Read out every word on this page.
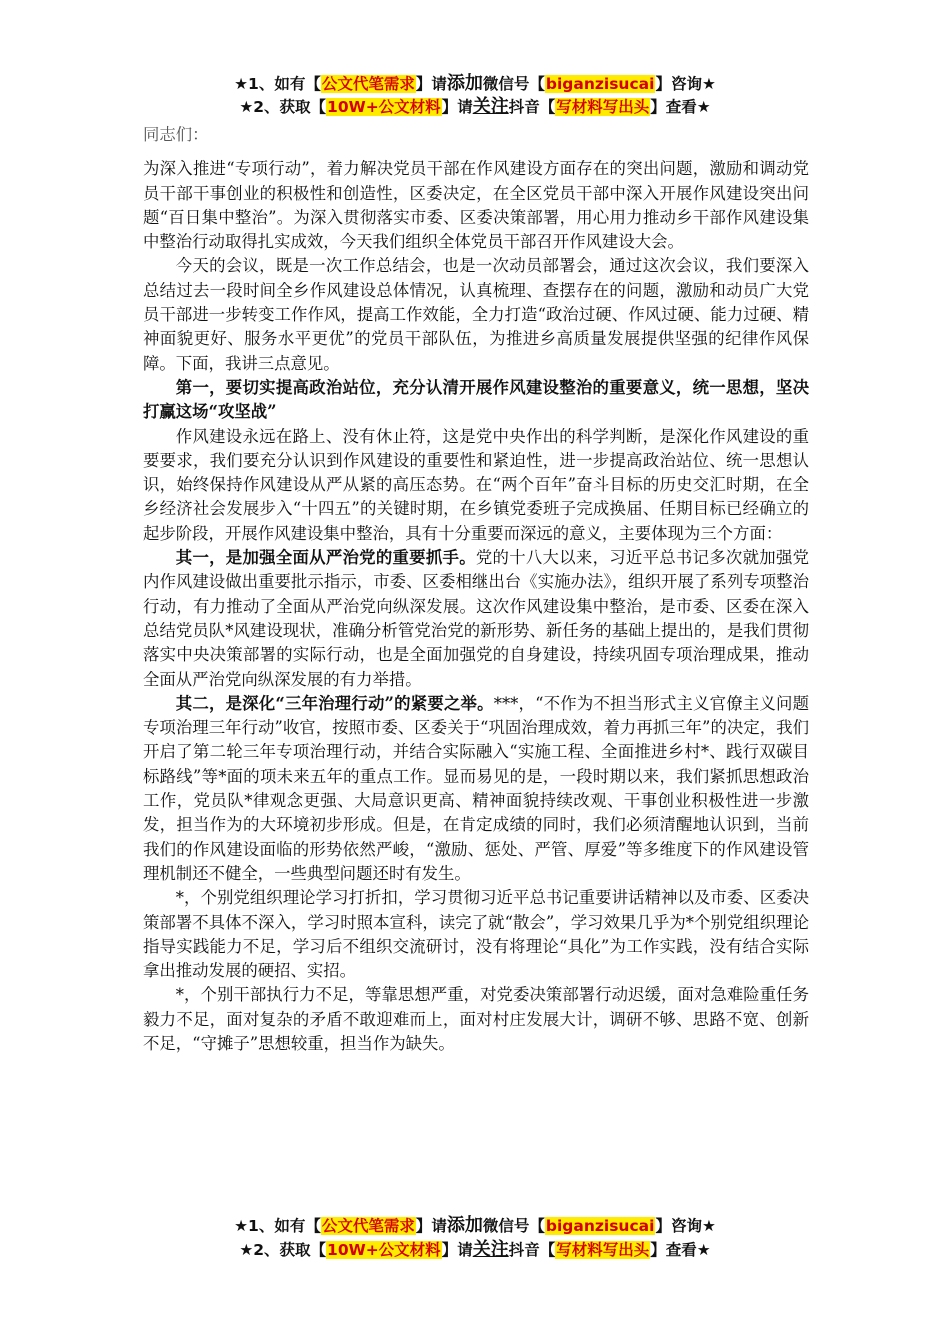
★1、如有【公文代笔需求】请添加微信号【biganzisucai】咨询★
★2、获取【10W+公文材料】请关注抖音【写材料写出头】查看★

同志们：

为深入推进“专项行动”，着力解决党员干部在作风建设方面存在的突出问题，激励和调动党员干部干事创业的积极性和创造性，区委决定，在全区党员干部中深入开展作风建设突出问题“百日集中整治”。为深入贯彻落实市委、区委决策部署，用心用力推动乡干部作风建设集中整治行动取得扎实成效，今天我们组织全体党员干部召开作风建设大会。

今天的会议，既是一次工作总结会，也是一次动员部署会，通过这次会议，我们要深入总结过去一段时间全乡作风建设总体情况，认真梳理、查摆存在的问题，激励和动员广大党员干部进一步转变工作作风，提高工作效能，全力打造“政治过硬、作风过硬、能力过硬、精神面貌更好、服务水平更优”的党员干部队伍，为推进乡高质量发展提供坚强的纪律作风保障。下面，我讲三点意见。

第一，要切实提高政治站位，充分认清开展作风建设整治的重要意义，统一思想，坚决打赢这场“攻坚战”

作风建设永远在路上、没有休止符，这是党中央作出的科学判断，是深化作风建设的重要要求，我们要充分认识到作风建设的重要性和紧迫性，进一步提高政治站位、统一思想认识，始终保持作风建设从严从紧的高压态势。在“两个百年”奋斗目标的历史交汇时期，在全乡经济社会发展步入“十四五”的关键时期，在乡镇党委班子完成换届、任期目标已经确立的起步阶段，开展作风建设集中整治，具有十分重要而深远的意义，主要体现为三个方面：

其一，是加强全面从严治党的重要抓手。党的十八大以来，习近平总书记多次就加强党内作风建设做出重要批示指示，市委、区委相继出台《实施办法》，组织开展了系列专项整治行动，有力推动了全面从严治党向纵深发展。这次作风建设集中整治，是市委、区委在深入总结党员队*风建设现状，准确分析管党治党的新形势、新任务的基础上提出的，是我们贯彻落实中央决策部署的实际行动，也是全面加强党的自身建设，持续巩固专项治理成果，推动全面从严治党向纵深发展的有力举措。

其二，是深化“三年治理行动”的紧要之举。***，“不作为不担当形式主义官僚主义问题专项治理三年行动”收官，按照市委、区委关于“巩固治理成效，着力再抓三年”的决定，我们开启了第二轮三年专项治理行动，并结合实际融入“实施工程、全面推进乡村*、践行双碳目标路线”等*面的项未来五年的重点工作。显而易见的是，一段时期以来，我们紧抓思想政治工作，党员队*律观念更强、大局意识更高、精神面貌持续改观、干事创业积极性进一步激发，担当作为的大环境初步形成。但是，在肯定成绩的同时，我们必须清醒地认识到，当前我们的作风建设面临的形势依然严峻，“激励、惩处、严管、厚爱”等多维度下的作风建设管理机制还不健全，一些典型问题还时有发生。

*，个别党组织理论学习打折扣，学习贯彻习近平总书记重要讲话精神以及市委、区委决策部署不具体不深入，学习时照本宣科，读完了就“散会”，学习效果几乎为*个别党组织理论指导实践能力不足，学习后不组织交流研讨，没有将理论“具化”为工作实践，没有结合实际拿出推动发展的硬招、实招。

*，个别干部执行力不足，等靠思想严重，对党委决策部署行动迟缓，面对急难险重任务毅力不足，面对复杂的矛盾不敢迎难而上，面对村庄发展大计，调研不够、思路不宽、创新不足，“守摊子”思想较重，担当作为缺失。

★1、如有【公文代笔需求】请添加微信号【biganzisucai】咨询★
★2、获取【10W+公文材料】请关注抖音【写材料写出头】查看★
